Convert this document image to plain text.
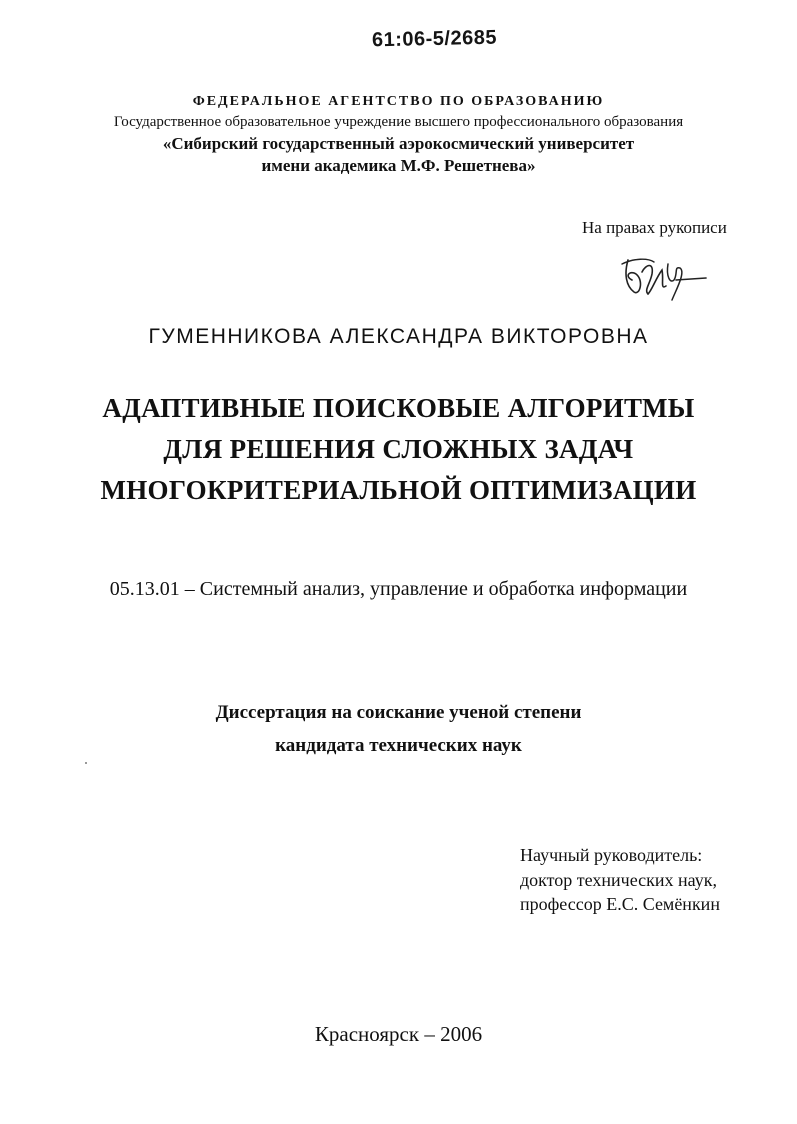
61:06-5/2685
ФЕДЕРАЛЬНОЕ АГЕНТСТВО ПО ОБРАЗОВАНИЮ
Государственное образовательное учреждение высшего профессионального образования
«Сибирский государственный аэрокосмический университет
имени академика М.Ф. Решетнева»
На правах рукописи
ГУМЕННИКОВА АЛЕКСАНДРА ВИКТОРОВНА
АДАПТИВНЫЕ ПОИСКОВЫЕ АЛГОРИТМЫ
ДЛЯ РЕШЕНИЯ СЛОЖНЫХ ЗАДАЧ
МНОГОКРИТЕРИАЛЬНОЙ ОПТИМИЗАЦИИ
05.13.01 – Системный анализ, управление и обработка информации
Диссертация на соискание ученой степени
кандидата технических наук
Научный руководитель:
доктор технических наук,
профессор Е.С. Семёнкин
Красноярск – 2006
